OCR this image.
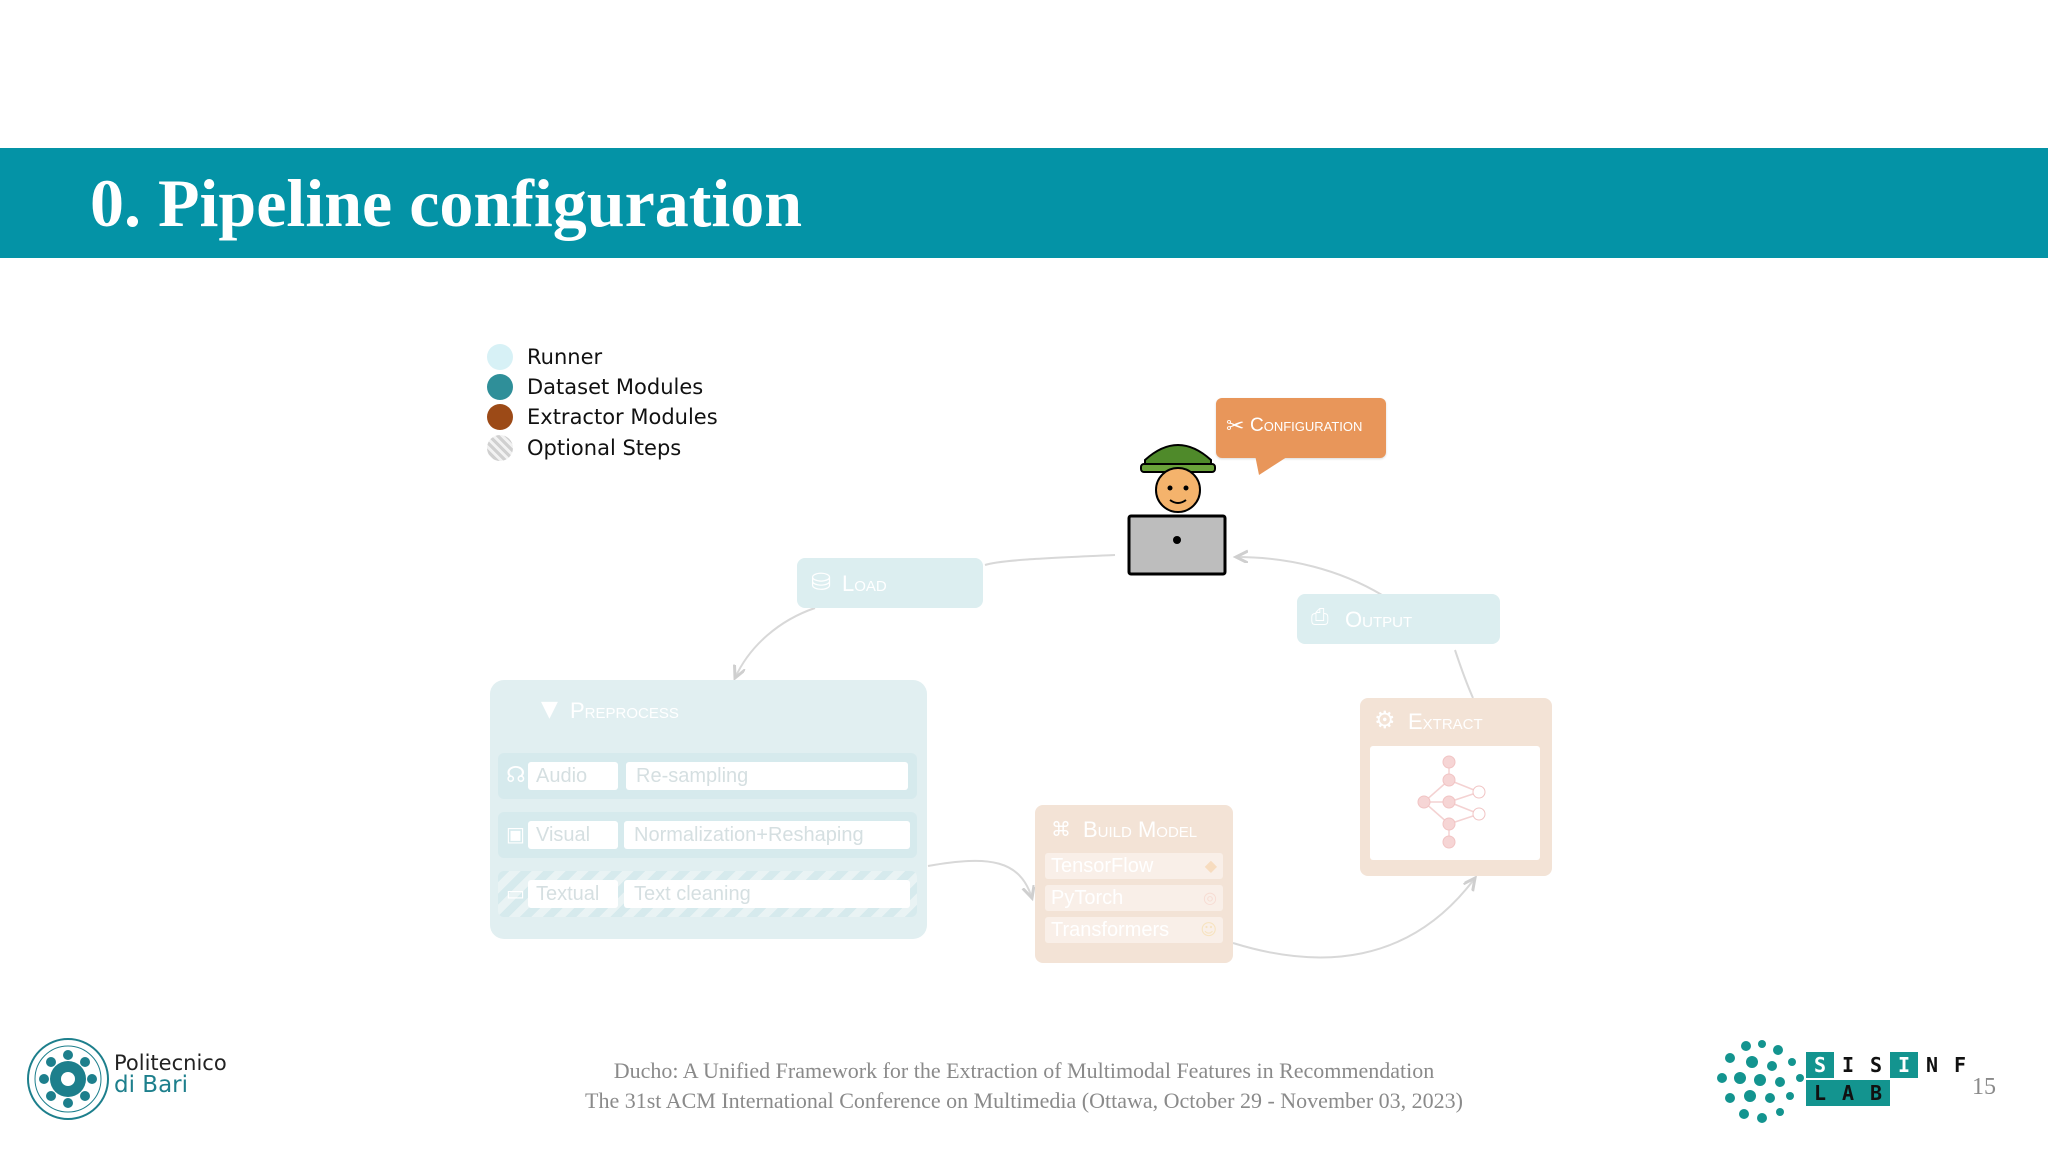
0. Pipeline configuration
Runner
Dataset Modules
Extractor Modules
Optional Steps
✂ Configuration
⛁ Load
⎙ Output
▼ Preprocess
☊ Audio	Re-sampling
▣ Visual	Normalization+Reshaping
▭ Textual	Text cleaning
⌘ Build Model
TensorFlow	◆
PyTorch	◎
Transformers ☺
⚙ Extract
Politecnico
di Bari
Ducho: A Unified Framework for the Extraction of Multimodal Features in Recommendation
The 31st ACM International Conference on Multimedia (Ottawa, October 29 - November 03, 2023)
S I S I N F
L A B	15
